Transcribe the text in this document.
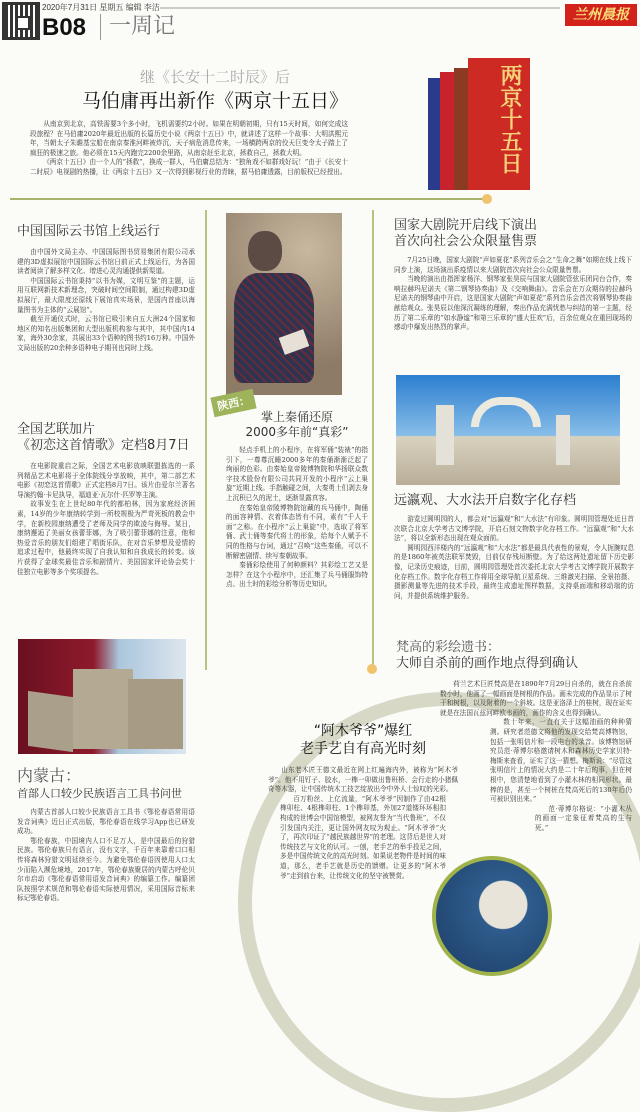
2020年7月31日 星期五 编辑 李洁
B08	一周记	兰州晨报
继《长安十二时辰》后
马伯庸再出新作《两京十五日》

从南京到北京，高铁需要3个多小时，飞机需要约2小时。如果在明朝初期，只有15天时间，如何完成这段旅程？在马伯庸2020年最近出版的长篇历史小说《两京十五日》中，就讲述了这样一个故事：大明洪熙元年，当朝太子朱瞻基宝船在南京秦淮河畔被炸沉，天子病危消息传来，一场横跨两京的佼天巨变令太子踏上了疯狂的极速之旅。他必须在15天内跑完2200余里路，从南京赶至北京，拯救自己，拯救大明。

《两京十五日》由一个人的“拯救”，换成一群人，马伯庸总结为：“独角戏不如群戏好玩！”由于《长安十二时辰》电视剧的热播，让《两京十五日》又一次得到影视行业的青睐，据马伯庸透露，目前版权已经授出。	两京十五日
中国国际云书馆上线运行

由中国外文局主办、中国国际图书贸易集团有限公司承建的3D虚拟展馆中国国际云书馆日前正式上线运行，为各国读者阅读了解多样文化、增进心灵沟通提供新渠道。

中国国际云书馆秉持“以书为媒，文明互鉴”的主题，运用互联网新技术新理念，突破时间空间限制，通过构建3D虚拟展厅，最大限度还原线下展馆真实场景，是国内首座以海量图书为主体的“云展馆”。

截至开通仪式时，云书馆已吸引来自五大洲24个国家和地区的知名出版集团和大型出版机构参与其中，其中国内14家，海外30余家，共展出33个语种的图书约16万种。中国外文局出版的20余种多语种电子期刊也同时上线。

全国艺联加片
《初恋这首情歌》定档8月7日

在电影院重启之际，全国艺术电影放映联盟拣选的一系列精品艺术电影将于全体院线分享放映，其中，第二部艺术电影《初恋这首情歌》正式定档8月7日。该片由爱尔兰著名导演约翰·卡尼执导，福迪亚·瓦尔什·匹罗等主演。

故事发生在上世纪80年代的都柏林，因为家庭经济困素，14岁的少年康纳转学到一所校规极为严苛死板的教会中学，在新校园康纳遭受了老师及同学的欺凌与侮辱。某日，康纳邂逅了美丽女孩蕾菲娜，为了吸引蕾菲娜的注意，他和热爱音乐的朋友们组建了唱街乐队，在对音乐梦想及爱情的追求过程中，他最终实现了自我认知和自我成长的转变。该片获得了金球奖最佳音乐和剧情片、美国国家评论协会奖十佳独立电影等多个奖项提名。

内蒙古：
首部人口较少民族语言工具书问世

内蒙古首部人口较少民族语言工具书《鄂伦春语常用语发音词典》近日正式出版，鄂伦春语在线学习App也已研发成功。

鄂伦春族，中国境内人口不足万人，是中国最后的狩猎民族。鄂伦春族只有语言，没有文字，千百年来靠着口口相传将森林狩猎文明延续至今。为避免鄂伦春语因使用人口太少而陷入濒危境地，2017年，鄂伦春族聚居的内蒙古呼伦贝尔市启动《鄂伦春语常用语发音词典》的编纂工作。编纂团队按照学术规范和鄂伦春语实际使用情况，采用国际音标来标记鄂伦春语。

陕西：
掌上秦俑还原
2000多年前“真彩”

轻点手机上的小程序，在将军俑“装裱”的指引下，一尊尊沉睡2000多年的秦俑渐渐泛起了绚丽的色彩。由秦始皇帝陵博物院和华扬联众数字技术股份有限公司共同开发的小程序“云上巢旋”近期上线。手指触碰之间，大秦勇士们剥去身上沉积已久的泥土，逐渐显露真容。

在秦始皇帝陵博物院馆藏的兵马俑中，陶俑的面容神情、衣着体态皆有不同，素有“千人千面”之称。在小程序“云上巢旋”中，选取了将军俑、武士俑等秦代将士的形象，给每个人赋予不同的性格与台词，通过“召唤”这些秦俑，可以不断解密剧情、续写秦朝故事。

秦俑彩绘使用了何种颜料？其彩绘工艺又是怎样？在这个小程序中，还汇集了兵马俑服饰特点、出土时的彩绘分析等历史知识。

国家大剧院开启线下演出
首次向社会公众限量售票

7月25日晚，国家大剧院“声如夏花”系列音乐会之“生命之舞”如期在线上线下同步上演，这场演出系疫情以来大剧院首次向社会公众限量售票。

当晚的演出由指挥家杨洋、钢琴家张昊辰与国家大剧院管弦乐团同台合作，奏响拉赫玛尼诺夫《第二钢琴协奏曲》及《交响舞曲》。音乐会在万众期待的拉赫玛尼诺夫的钢琴曲中开启，这是国家大剧院“声如夏花”系列音乐会首次将钢琴协奏曲献给观众。张昊辰以他深沉凝练的理解，奏出作品充满忧愁与纠结的第一主题，经历了第二乐章的“如水静谧”和第三乐章的“盛大狂欢”后，百余位观众在重回现场的感动中爆发出热烈的掌声。

远瀛观、大水法开启数字化存档

游览过圆明园的人，都会对“远瀛观”和“大水法”有印象。圆明园管理处近日首次联合北京大学考古文博学院，开启石刻文物数字化存档工作。“远瀛观”和“大水法”，将以全新形态出现在观众面前。

圆明园西洋楼内的“远瀛观”和“大水法”都是最具代表性的景观，令人扼腕叹息的是1860年被英法联军焚毁，目前仅存残垣断壁。为了给这两处遗址留下历史影像，记录历史痕迹，目前，圆明园管理处首次委托北京大学考古文博学院开展数字化存档工作。数字化存档工作将用全球导航卫星系统、三维激光扫描、全景拍摄、摄影测量等先进的技术手段，最终生成遗址图样数据，支持桌面端和移动端的访问，并提供系统维护服务。

梵高的彩绘遗书：
大师自杀前的画作地点得到确认

荷兰艺术巨匠梵高是在1890年7月29日自杀的，就在自杀前数小时，他画了一幅画面是树根的作品。画未完成的作品显示了树干和树根，以及附着的一个斜坡。这是亚洛泽上的桂树，现在证实就是在法国瓦兹河畔欧韦画的，画作的含义也得到确认。

数十年来，一直有关于这幅油画的种种猜测。研究者范德文将他的发现交给梵高博物馆，包括一张明信片和一段电台的录音。该博物馆研究员范·蒂博尔格邀请树木和森林历史学家贝特·梅斯来查看，证实了这一猜想。梅斯说：“尽管这张明信片上的情况大约是二十年后的事，但在树根中，您清楚地看到了小灌木林的相同形状。最棒的是，甚至一个树桩在梵高死后的130年后仍可被识别出来。”

范·蒂博尔格说：“小灌木丛的画面一定象征着梵高的生与死。”

“阿木爷爷”爆红
老手艺自有高光时刻

山东老木匠王德文最近在网上红遍海内外，被称为“阿木爷爷”。他不用钉子、胶水，一榫一卯做出鲁班桥、会行走的小猪佩奇等木器，让中国传统木工技艺绽放出令中外人士惊叹的光彩。

百万粉丝、上亿流量，“阿木爷爷”因制作了由42根榫卯柱、4根榫卯柱、1个榫卯基，外加27道镂环环相扣构成的世博会中国馆模型，被网友誉为“当代鲁班”，不仅引发国内关注，更让国外网友叹为观止。“阿木爷爷”火了，再次印证了“越民族越世界”的老理。这背后是世人对传统技艺与文化的认可。一刨，老手艺的举手投足之间，多是中国传统文化的高光时刻。如果说老物件是时间的味道，那么，老手艺就是历史的馈赠。让更多的“阿木爷爷”走到前台来，让传统文化的坚守被赞赏。
